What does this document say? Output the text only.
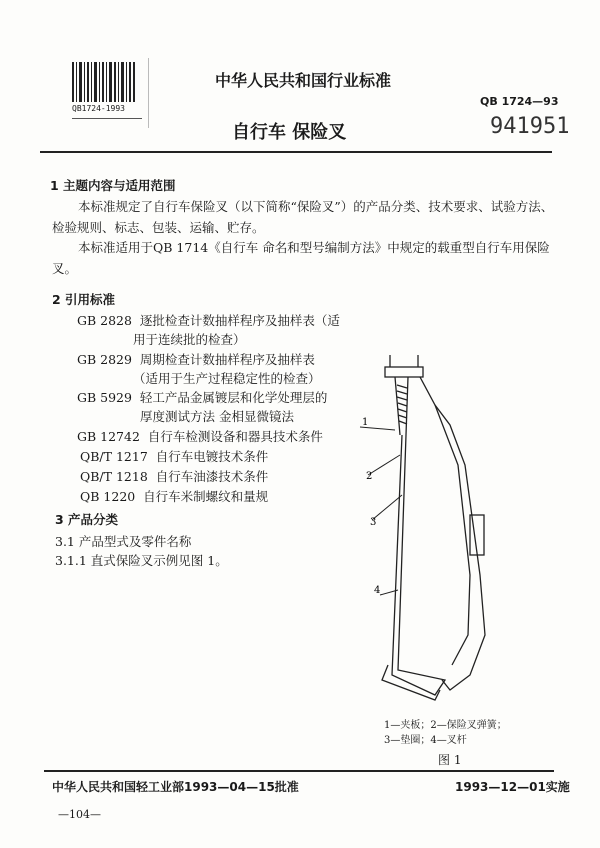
QB1724-1993
中华人民共和国行业标准
QB 1724—93
自行车 保险叉	941951
1 主题内容与适用范围
本标准规定了自行车保险叉（以下简称“保险叉”）的产品分类、技术要求、试验方法、
检验规则、标志、包装、运输、贮存。
本标准适用于QB 1714《自行车 命名和型号编制方法》中规定的载重型自行车用保险
叉。
2 引用标准
GB 2828 逐批检查计数抽样程序及抽样表（适
用于连续批的检查）
GB 2829 周期检查计数抽样程序及抽样表
（适用于生产过程稳定性的检查）
GB 5929 轻工产品金属镀层和化学处理层的
厚度测试方法 金相显微镜法
GB 12742 自行车检测设备和器具技术条件
QB/T 1217 自行车电镀技术条件
QB/T 1218 自行车油漆技术条件
QB 1220 自行车米制螺纹和量规
3 产品分类
3.1 产品型式及零件名称
3.1.1 直式保险叉示例见图 1。
1
2
3
4
1—夹板；2—保险叉弹簧；
3—垫圈；4—叉杆
图 1
中华人民共和国轻工业部1993—04—15批准	1993—12—01实施
—104—
